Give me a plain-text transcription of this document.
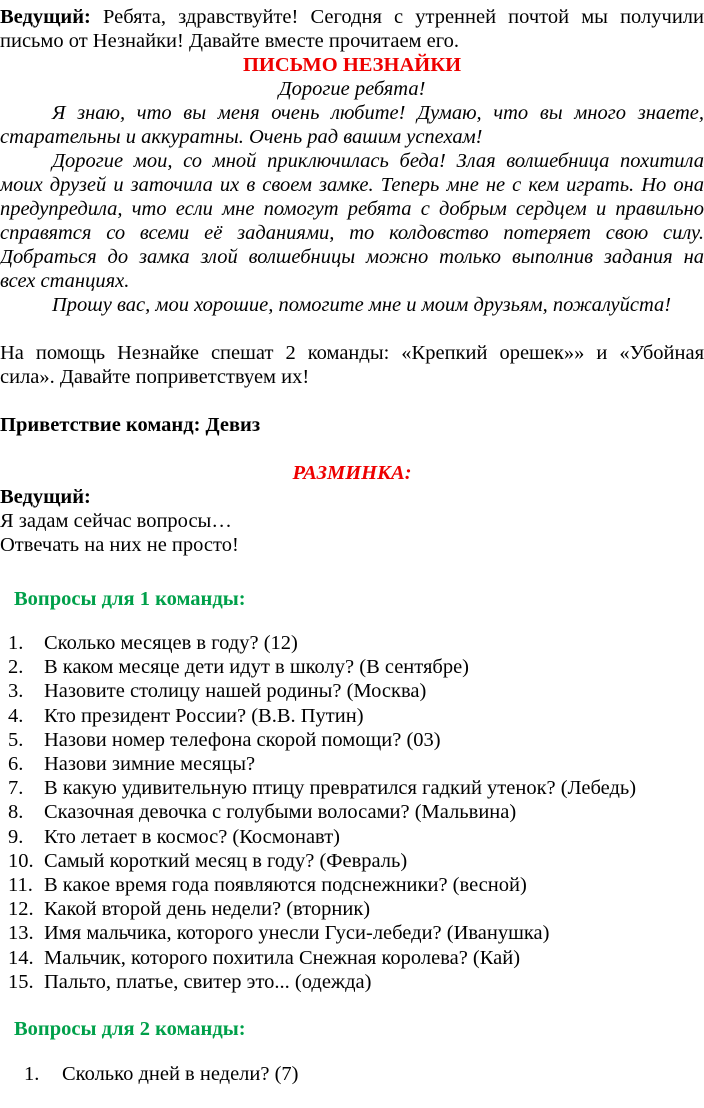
Ведущий: Ребята, здравствуйте! Сегодня с утренней почтой мы получили
письмо от Незнайки! Давайте вместе прочитаем его.
ПИСЬМО НЕЗНАЙКИ
Дорогие ребята!
Я знаю, что вы меня очень любите! Думаю, что вы много знаете,
старательны и аккуратны. Очень рад вашим успехам!
Дорогие мои, со мной приключилась беда! Злая волшебница похитила
моих друзей и заточила их в своем замке. Теперь мне не с кем играть. Но она
предупредила, что если мне помогут ребята с добрым сердцем и правильно
справятся со всеми её заданиями, то колдовство потеряет свою силу.
Добраться до замка злой волшебницы можно только выполнив задания на
всех станциях.
Прошу вас, мои хорошие, помогите мне и моим друзьям, пожалуйста!
На помощь Незнайке спешат 2 команды: «Крепкий орешек»» и «Убойная
сила». Давайте поприветствуем их!
Приветствие команд: Девиз
РАЗМИНКА:
Ведущий:
Я задам сейчас вопросы…
Отвечать на них не просто!
Вопросы для 1 команды:
1. Сколько месяцев в году? (12)
2. В каком месяце дети идут в школу? (В сентябре)
3. Назовите столицу нашей родины? (Москва)
4. Кто президент России? (В.В. Путин)
5. Назови номер телефона скорой помощи? (03)
6. Назови зимние месяцы?
7. В какую удивительную птицу превратился гадкий утенок? (Лебедь)
8. Сказочная девочка с голубыми волосами? (Мальвина)
9. Кто летает в космос? (Космонавт)
10. Самый короткий месяц в году? (Февраль)
11. В какое время года появляются подснежники? (весной)
12. Какой второй день недели? (вторник)
13. Имя мальчика, которого унесли Гуси-лебеди? (Иванушка)
14. Мальчик, которого похитила Снежная королева? (Кай)
15. Пальто, платье, свитер это... (одежда)
Вопросы для 2 команды:
1. Сколько дней в недели? (7)
